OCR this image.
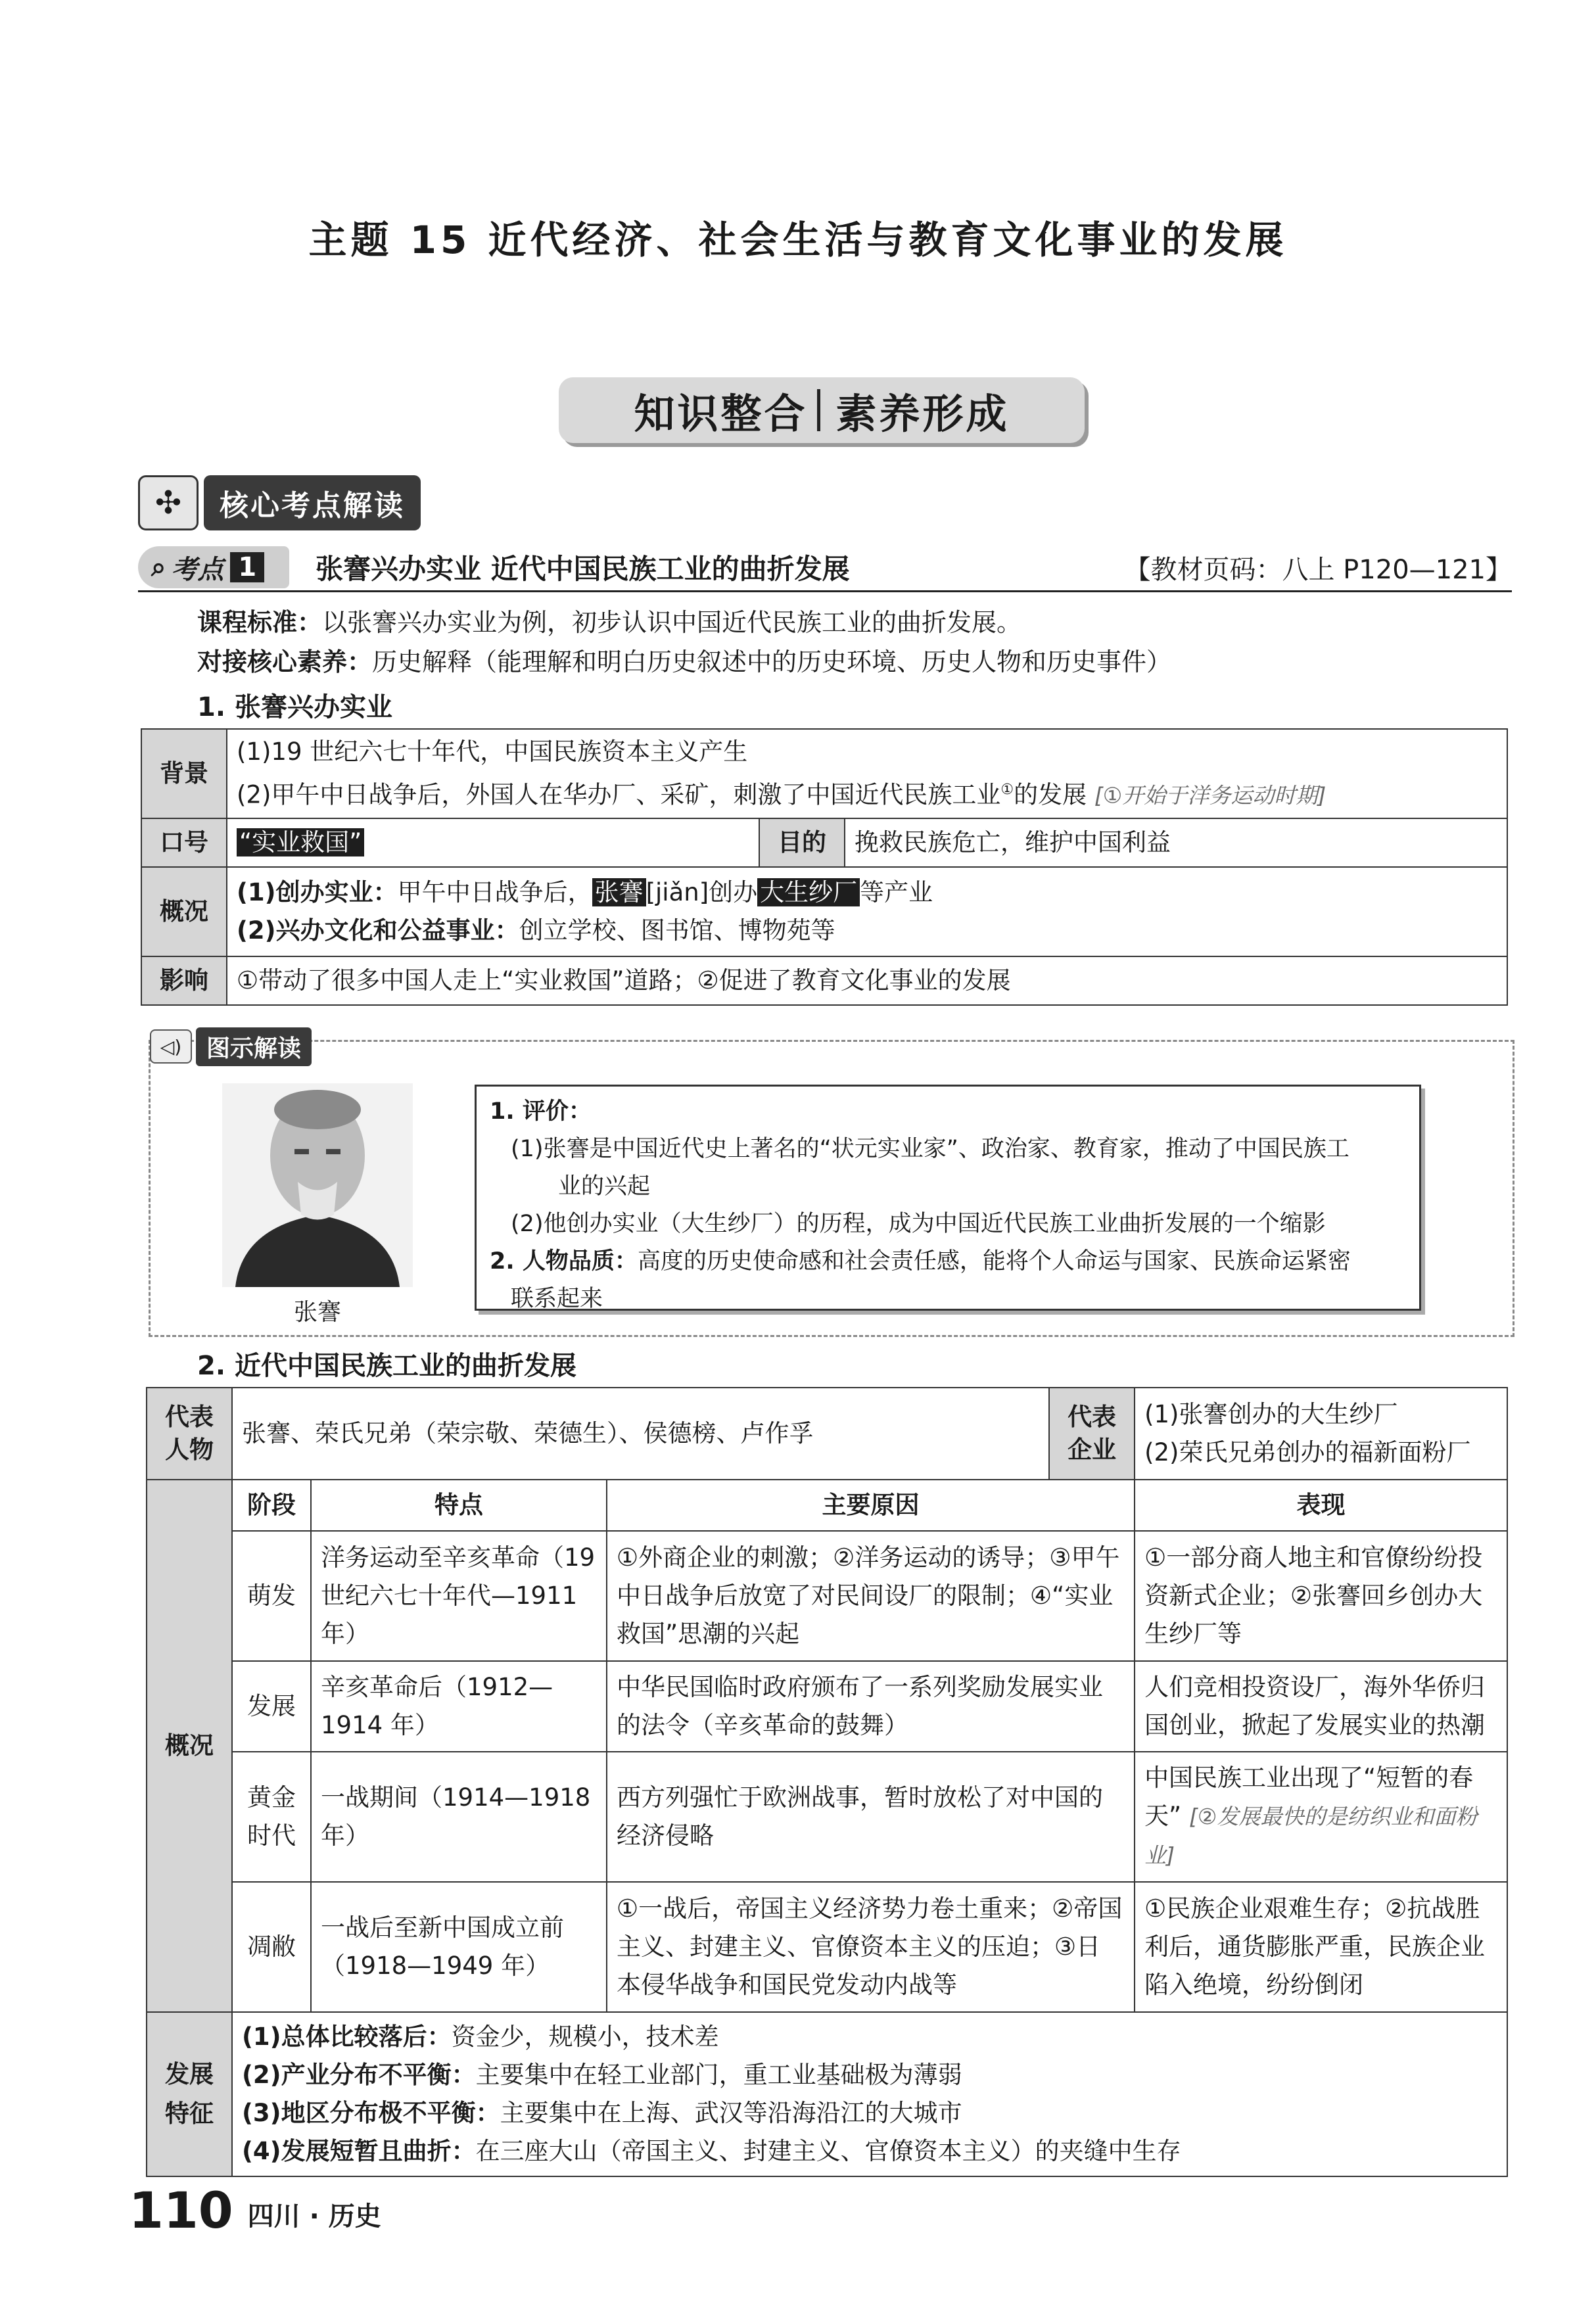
主题 15 近代经济、社会生活与教育文化事业的发展
知识整合 素养形成
✣	核心考点解读
⌕ 考点 1 张謇兴办实业 近代中国民族工业的曲折发展	【教材页码：八上 P120—121】
课程标准：以张謇兴办实业为例，初步认识中国近代民族工业的曲折发展。
对接核心素养：历史解释（能理解和明白历史叙述中的历史环境、历史人物和历史事件）
1. 张謇兴办实业
背景	(1)19 世纪六七十年代，中国民族资本主义产生
(2)甲午中日战争后，外国人在华办厂、采矿，刺激了中国近代民族工业①的发展 [①开始于洋务运动时期]		

口号	“实业救国”	目的	挽救民族危亡，维护中国利益
概况	(1)创办实业：甲午中日战争后， 张謇 [jiǎn]创办 大生纱厂 等产业
(2)兴办文化和公益事业：创立学校、图书馆、博物苑等		

影响	①带动了很多中国人走上“实业救国”道路；②促进了教育文化事业的发展		
◁)	图示解读
张謇
1. 评价：
(1)张謇是中国近代史上著名的“状元实业家”、政治家、教育家，推动了中国民族工
业的兴起
(2)他创办实业（大生纱厂）的历程，成为中国近代民族工业曲折发展的一个缩影
2. 人物品质：高度的历史使命感和社会责任感，能将个人命运与国家、民族命运紧密
联系起来
2. 近代中国民族工业的曲折发展
代表人物	张謇、荣氏兄弟（荣宗敬、荣德生）、侯德榜、卢作孚			代表企业	(1)张謇创办的大生纱厂
(2)荣氏兄弟创办的福新面粉厂

概况	阶段	特点	主要原因		表现
	萌发	洋务运动至辛亥革命（19 世纪六七十年代—1911 年）	①外商企业的刺激；②洋务运动的诱导；③甲午中日战争后放宽了对民间设厂的限制；④“实业救国”思潮的兴起		①一部分商人地主和官僚纷纷投资新式企业；②张謇回乡创办大生纱厂等
	发展	辛亥革命后（1912—1914 年）	中华民国临时政府颁布了一系列奖励发展实业的法令（辛亥革命的鼓舞）		人们竞相投资设厂，海外华侨归国创业，掀起了发展实业的热潮
	黄金时代	一战期间（1914—1918 年）	西方列强忙于欧洲战事，暂时放松了对中国的经济侵略		中国民族工业出现了“短暂的春天” [②发展最快的是纺织业和面粉业]
	凋敝	一战后至新中国成立前（1918—1949 年）	①一战后，帝国主义经济势力卷土重来；②帝国主义、封建主义、官僚资本主义的压迫；③日本侵华战争和国民党发动内战等		①民族企业艰难生存；②抗战胜利后，通货膨胀严重，民族企业陷入绝境，纷纷倒闭
发展特征	(1)总体比较落后：资金少，规模小，技术差
(2)产业分布不平衡：主要集中在轻工业部门，重工业基础极为薄弱
(3)地区分布极不平衡：主要集中在上海、武汉等沿海沿江的大城市
(4)发展短暂且曲折：在三座大山（帝国主义、封建主义、官僚资本主义）的夹缝中生存				
110 四川 · 历史
